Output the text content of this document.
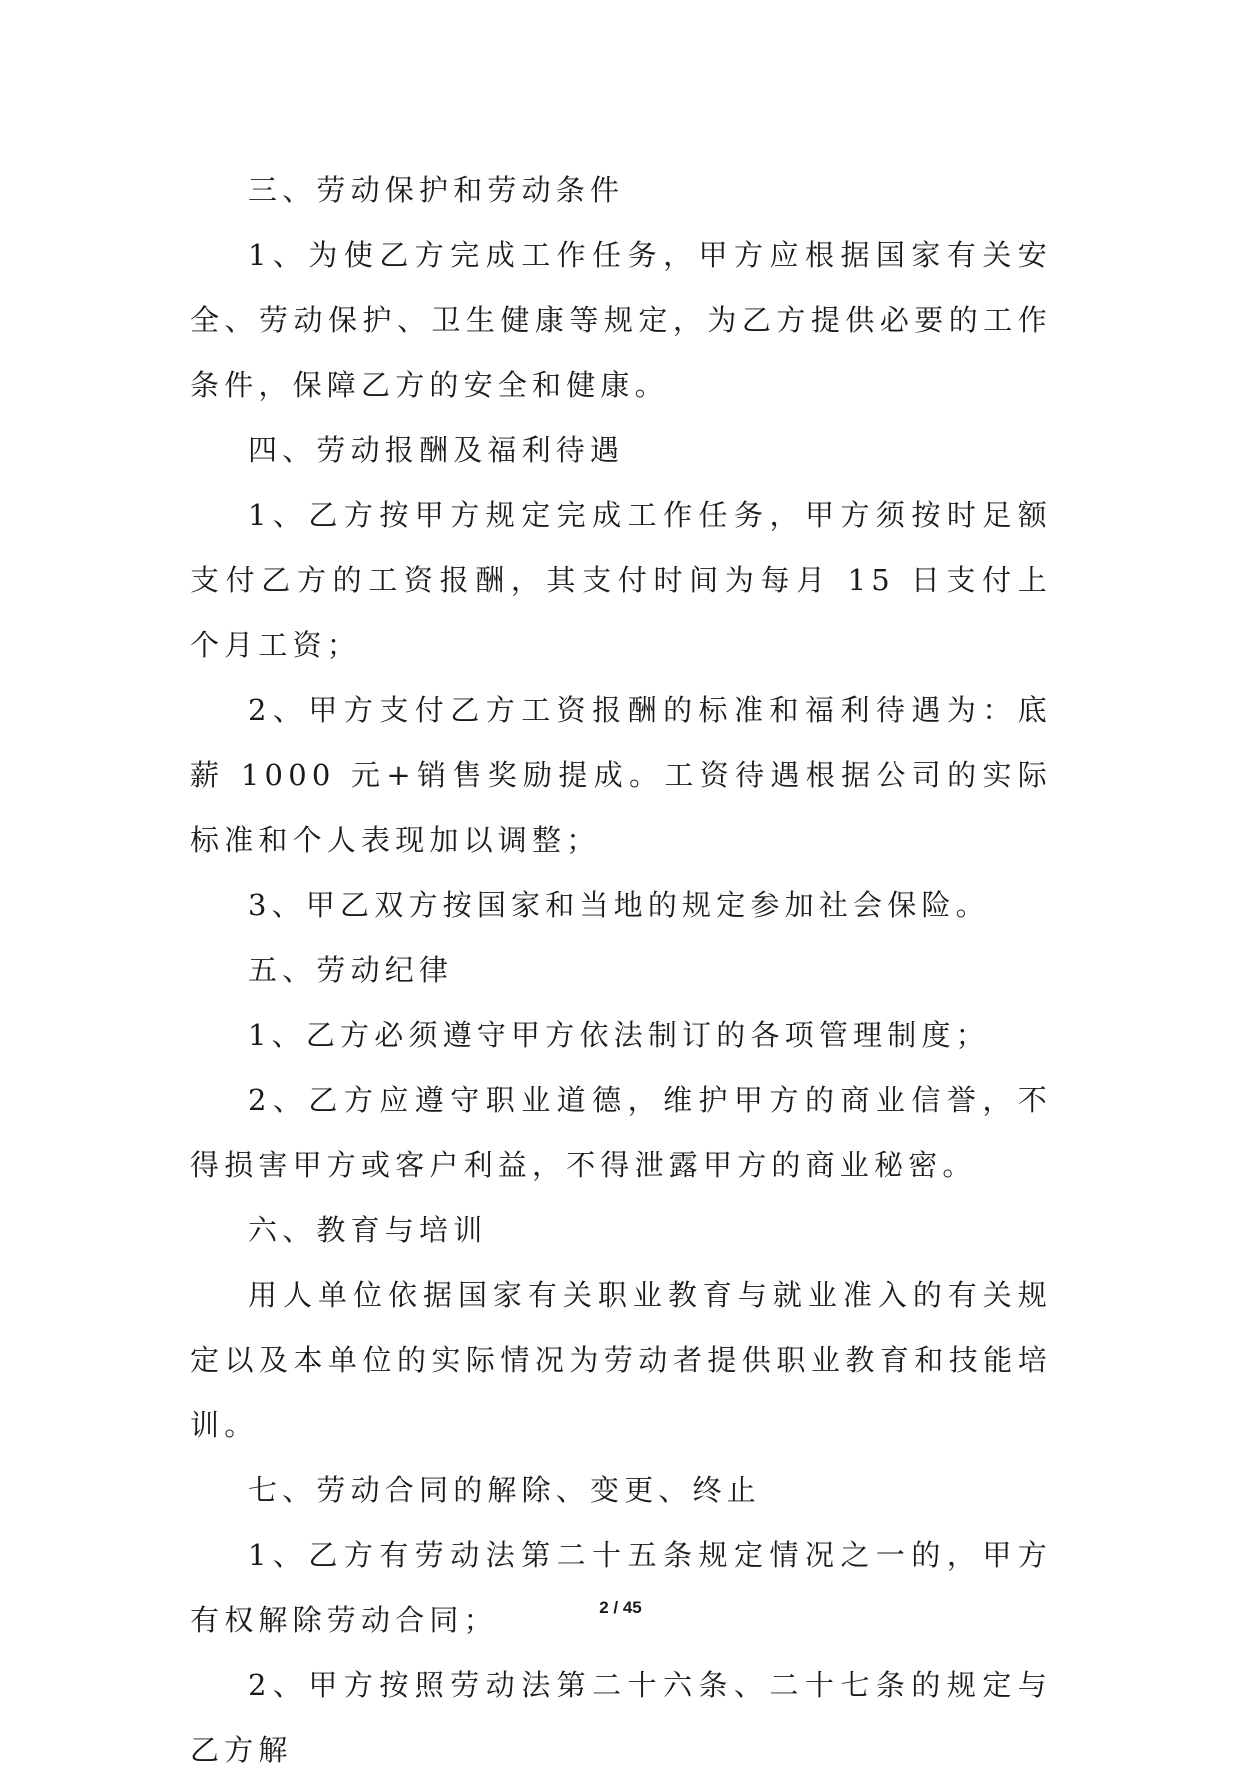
三、劳动保护和劳动条件

1、为使乙方完成工作任务，甲方应根据国家有关安全、劳动保护、卫生健康等规定，为乙方提供必要的工作条件，保障乙方的安全和健康。

四、劳动报酬及福利待遇

1、乙方按甲方规定完成工作任务，甲方须按时足额支付乙方的工资报酬，其支付时间为每月 15 日支付上个月工资；

2、甲方支付乙方工资报酬的标准和福利待遇为：底薪 1000 元+销售奖励提成。工资待遇根据公司的实际标准和个人表现加以调整；

3、甲乙双方按国家和当地的规定参加社会保险。

五、劳动纪律

1、乙方必须遵守甲方依法制订的各项管理制度；

2、乙方应遵守职业道德，维护甲方的商业信誉，不得损害甲方或客户利益，不得泄露甲方的商业秘密。

六、教育与培训

用人单位依据国家有关职业教育与就业准入的有关规定以及本单位的实际情况为劳动者提供职业教育和技能培训。

七、劳动合同的解除、变更、终止

1、乙方有劳动法第二十五条规定情况之一的，甲方有权解除劳动合同；

2、甲方按照劳动法第二十六条、二十七条的规定与乙方解

2 / 45
